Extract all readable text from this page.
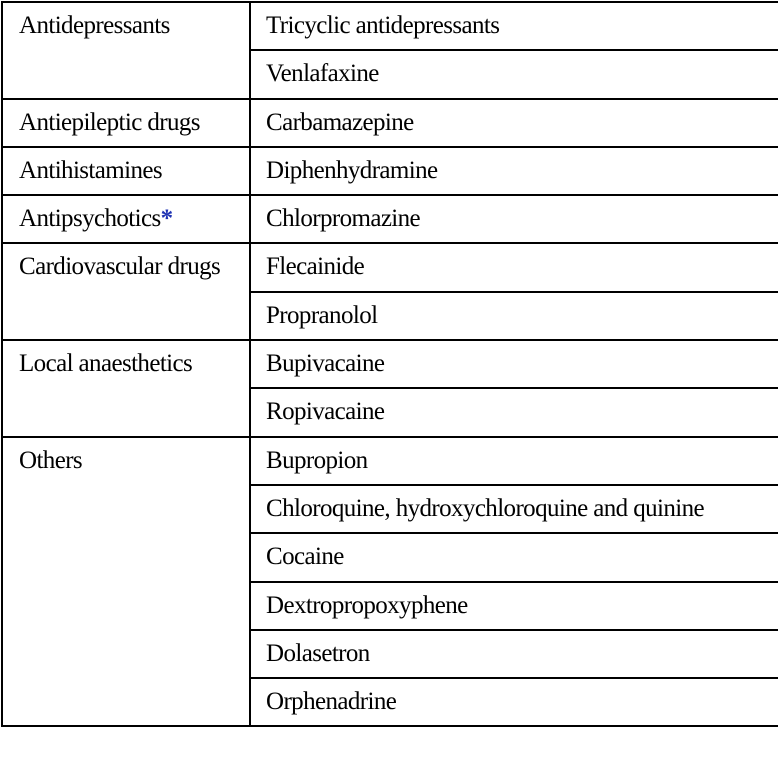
Antidepressants	Tricyclic antidepressants
	Venlafaxine
Antiepileptic drugs	Carbamazepine
Antihistamines	Diphenhydramine
Antipsychotics*	Chlorpromazine
Cardiovascular drugs	Flecainide
	Propranolol
Local anaesthetics	Bupivacaine
	Ropivacaine
Others	Bupropion
	Chloroquine, hydroxychloroquine and quinine
	Cocaine
	Dextropropoxyphene
	Dolasetron
	Orphenadrine
